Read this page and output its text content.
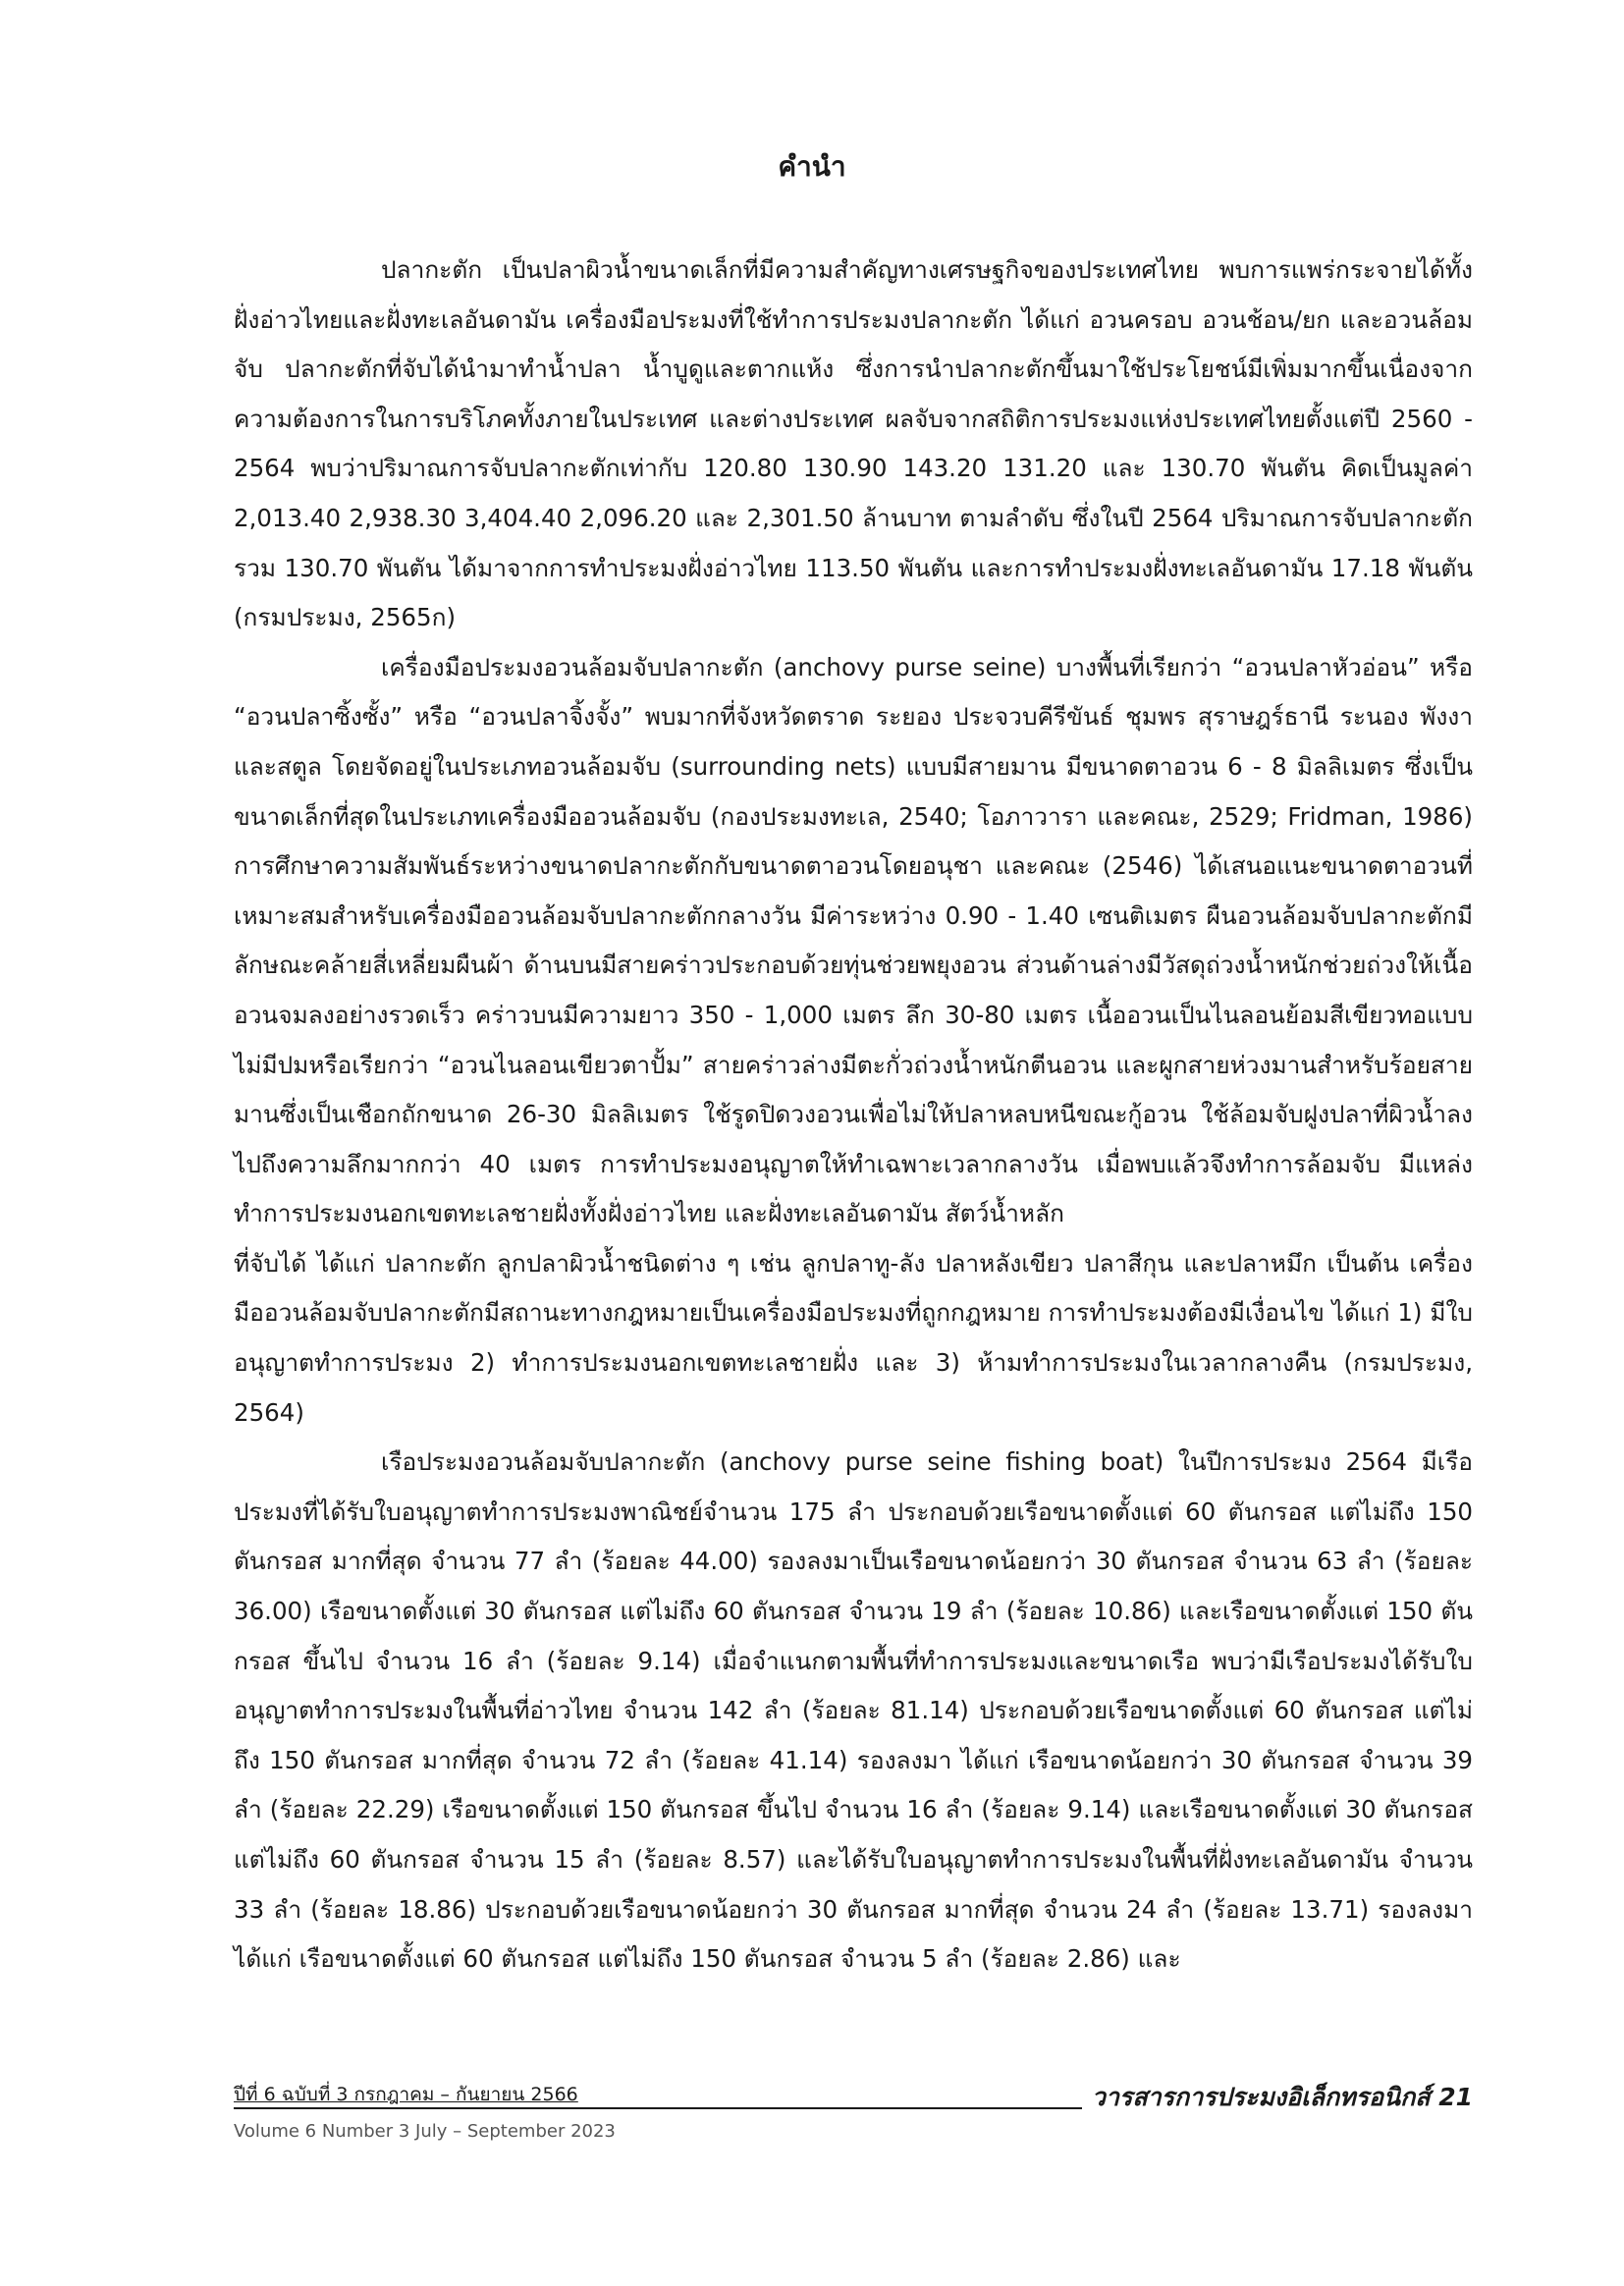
คำนำ

ปลากะตัก เป็นปลาผิวน้ำขนาดเล็กที่มีความสำคัญทางเศรษฐกิจของประเทศไทย พบการแพร่กระจายได้ทั้งฝั่งอ่าวไทยและฝั่งทะเลอันดามัน เครื่องมือประมงที่ใช้ทำการประมงปลากะตัก ได้แก่ อวนครอบ อวนช้อน/ยก และอวนล้อมจับ ปลากะตักที่จับได้นำมาทำน้ำปลา น้ำบูดูและตากแห้ง ซึ่งการนำปลากะตักขึ้นมาใช้ประโยชน์มีเพิ่มมากขึ้นเนื่องจากความต้องการในการบริโภคทั้งภายในประเทศ และต่างประเทศ ผลจับจากสถิติการประมงแห่งประเทศไทยตั้งแต่ปี 2560 - 2564 พบว่าปริมาณการจับปลากะตักเท่ากับ 120.80 130.90 143.20 131.20 และ 130.70 พันตัน คิดเป็นมูลค่า 2,013.40 2,938.30 3,404.40 2,096.20 และ 2,301.50 ล้านบาท ตามลำดับ ซึ่งในปี 2564 ปริมาณการจับปลากะตักรวม 130.70 พันตัน ได้มาจากการทำประมงฝั่งอ่าวไทย 113.50 พันตัน และการทำประมงฝั่งทะเลอันดามัน 17.18 พันตัน (กรมประมง, 2565ก)

เครื่องมือประมงอวนล้อมจับปลากะตัก (anchovy purse seine) บางพื้นที่เรียกว่า “อวนปลาหัวอ่อน” หรือ “อวนปลาซิ้งซั้ง” หรือ “อวนปลาจิ้งจั้ง” พบมากที่จังหวัดตราด ระยอง ประจวบคีรีขันธ์ ชุมพร สุราษฎร์ธานี ระนอง พังงา และสตูล โดยจัดอยู่ในประเภทอวนล้อมจับ (surrounding nets) แบบมีสายมาน มีขนาดตาอวน 6 - 8 มิลลิเมตร ซึ่งเป็นขนาดเล็กที่สุดในประเภทเครื่องมืออวนล้อมจับ (กองประมงทะเล, 2540; โอภาวารา และคณะ, 2529; Fridman, 1986) การศึกษาความสัมพันธ์ระหว่างขนาดปลากะตักกับขนาดตาอวนโดยอนุชา และคณะ (2546) ได้เสนอแนะขนาดตาอวนที่เหมาะสมสำหรับเครื่องมืออวนล้อมจับปลากะตักกลางวัน มีค่าระหว่าง 0.90 - 1.40 เซนติเมตร ผืนอวนล้อมจับปลากะตักมีลักษณะคล้ายสี่เหลี่ยมผืนผ้า ด้านบนมีสายคร่าวประกอบด้วยทุ่นช่วยพยุงอวน ส่วนด้านล่างมีวัสดุถ่วงน้ำหนักช่วยถ่วงให้เนื้ออวนจมลงอย่างรวดเร็ว คร่าวบนมีความยาว 350 - 1,000 เมตร ลึก 30-80 เมตร เนื้ออวนเป็นไนลอนย้อมสีเขียวทอแบบไม่มีปมหรือเรียกว่า “อวนไนลอนเขียวตาปั้ม” สายคร่าวล่างมีตะกั่วถ่วงน้ำหนักตีนอวน และผูกสายห่วงมานสำหรับร้อยสายมานซึ่งเป็นเชือกถักขนาด 26-30 มิลลิเมตร ใช้รูดปิดวงอวนเพื่อไม่ให้ปลาหลบหนีขณะกู้อวน ใช้ล้อมจับฝูงปลาที่ผิวน้ำลงไปถึงความลึกมากกว่า 40 เมตร การทำประมงอนุญาตให้ทำเฉพาะเวลากลางวัน เมื่อพบแล้วจึงทำการล้อมจับ มีแหล่งทำการประมงนอกเขตทะเลชายฝั่งทั้งฝั่งอ่าวไทย และฝั่งทะเลอันดามัน สัตว์น้ำหลัก

ที่จับได้ ได้แก่ ปลากะตัก ลูกปลาผิวน้ำชนิดต่าง ๆ เช่น ลูกปลาทู-ลัง ปลาหลังเขียว ปลาสีกุน และปลาหมึก เป็นต้น เครื่องมืออวนล้อมจับปลากะตักมีสถานะทางกฎหมายเป็นเครื่องมือประมงที่ถูกกฎหมาย การทำประมงต้องมีเงื่อนไข ได้แก่ 1) มีใบอนุญาตทำการประมง 2) ทำการประมงนอกเขตทะเลชายฝั่ง และ 3) ห้ามทำการประมงในเวลากลางคืน (กรมประมง, 2564)

เรือประมงอวนล้อมจับปลากะตัก (anchovy purse seine fishing boat) ในปีการประมง 2564 มีเรือประมงที่ได้รับใบอนุญาตทำการประมงพาณิชย์จำนวน 175 ลำ ประกอบด้วยเรือขนาดตั้งแต่ 60 ตันกรอส แต่ไม่ถึง 150 ตันกรอส มากที่สุด จำนวน 77 ลำ (ร้อยละ 44.00) รองลงมาเป็นเรือขนาดน้อยกว่า 30 ตันกรอส จำนวน 63 ลำ (ร้อยละ 36.00) เรือขนาดตั้งแต่ 30 ตันกรอส แต่ไม่ถึง 60 ตันกรอส จำนวน 19 ลำ (ร้อยละ 10.86) และเรือขนาดตั้งแต่ 150 ตันกรอส ขึ้นไป จำนวน 16 ลำ (ร้อยละ 9.14) เมื่อจำแนกตามพื้นที่ทำการประมงและขนาดเรือ พบว่ามีเรือประมงได้รับใบอนุญาตทำการประมงในพื้นที่อ่าวไทย จำนวน 142 ลำ (ร้อยละ 81.14) ประกอบด้วยเรือขนาดตั้งแต่ 60 ตันกรอส แต่ไม่ถึง 150 ตันกรอส มากที่สุด จำนวน 72 ลำ (ร้อยละ 41.14) รองลงมา ได้แก่ เรือขนาดน้อยกว่า 30 ตันกรอส จำนวน 39 ลำ (ร้อยละ 22.29) เรือขนาดตั้งแต่ 150 ตันกรอส ขึ้นไป จำนวน 16 ลำ (ร้อยละ 9.14) และเรือขนาดตั้งแต่ 30 ตันกรอส แต่ไม่ถึง 60 ตันกรอส จำนวน 15 ลำ (ร้อยละ 8.57) และได้รับใบอนุญาตทำการประมงในพื้นที่ฝั่งทะเลอันดามัน จำนวน 33 ลำ (ร้อยละ 18.86) ประกอบด้วยเรือขนาดน้อยกว่า 30 ตันกรอส มากที่สุด จำนวน 24 ลำ (ร้อยละ 13.71) รองลงมา ได้แก่ เรือขนาดตั้งแต่ 60 ตันกรอส แต่ไม่ถึง 150 ตันกรอส จำนวน 5 ลำ (ร้อยละ 2.86) และ

ปีที่ 6 ฉบับที่ 3 กรกฎาคม – กันยายน 2566
Volume 6 Number 3 July – September 2023
วารสารการประมงอิเล็กทรอนิกส์ 21
